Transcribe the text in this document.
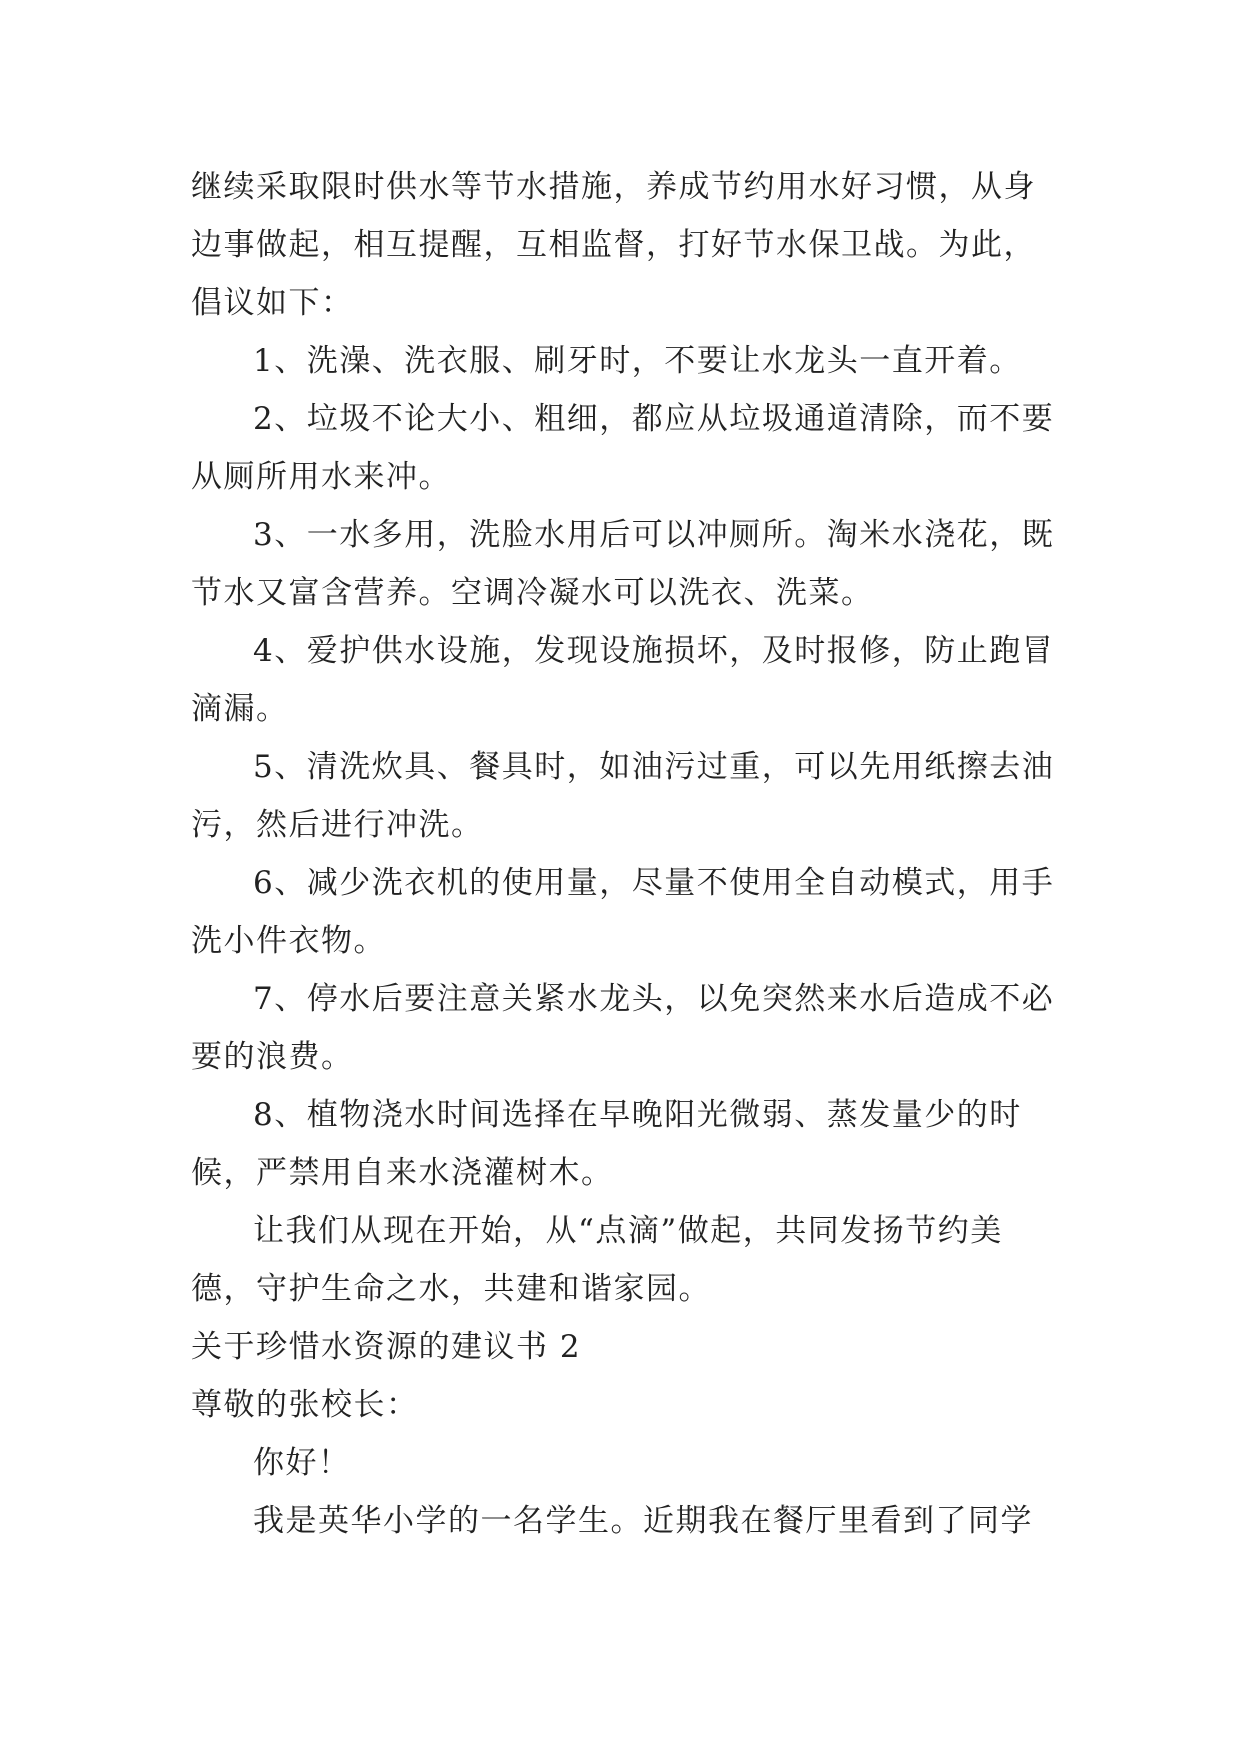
继续采取限时供水等节水措施，养成节约用水好习惯，从身边事做起，相互提醒，互相监督，打好节水保卫战。为此，倡议如下：

1、洗澡、洗衣服、刷牙时，不要让水龙头一直开着。

2、垃圾不论大小、粗细，都应从垃圾通道清除，而不要从厕所用水来冲。

3、一水多用，洗脸水用后可以冲厕所。淘米水浇花，既节水又富含营养。空调冷凝水可以洗衣、洗菜。

4、爱护供水设施，发现设施损坏，及时报修，防止跑冒滴漏。

5、清洗炊具、餐具时，如油污过重，可以先用纸擦去油污，然后进行冲洗。

6、减少洗衣机的使用量，尽量不使用全自动模式，用手洗小件衣物。

7、停水后要注意关紧水龙头，以免突然来水后造成不必要的浪费。

8、植物浇水时间选择在早晚阳光微弱、蒸发量少的时候，严禁用自来水浇灌树木。

让我们从现在开始，从“点滴”做起，共同发扬节约美德，守护生命之水，共建和谐家园。

关于珍惜水资源的建议书 2

尊敬的张校长：

你好！

我是英华小学的一名学生。近期我在餐厅里看到了同学
